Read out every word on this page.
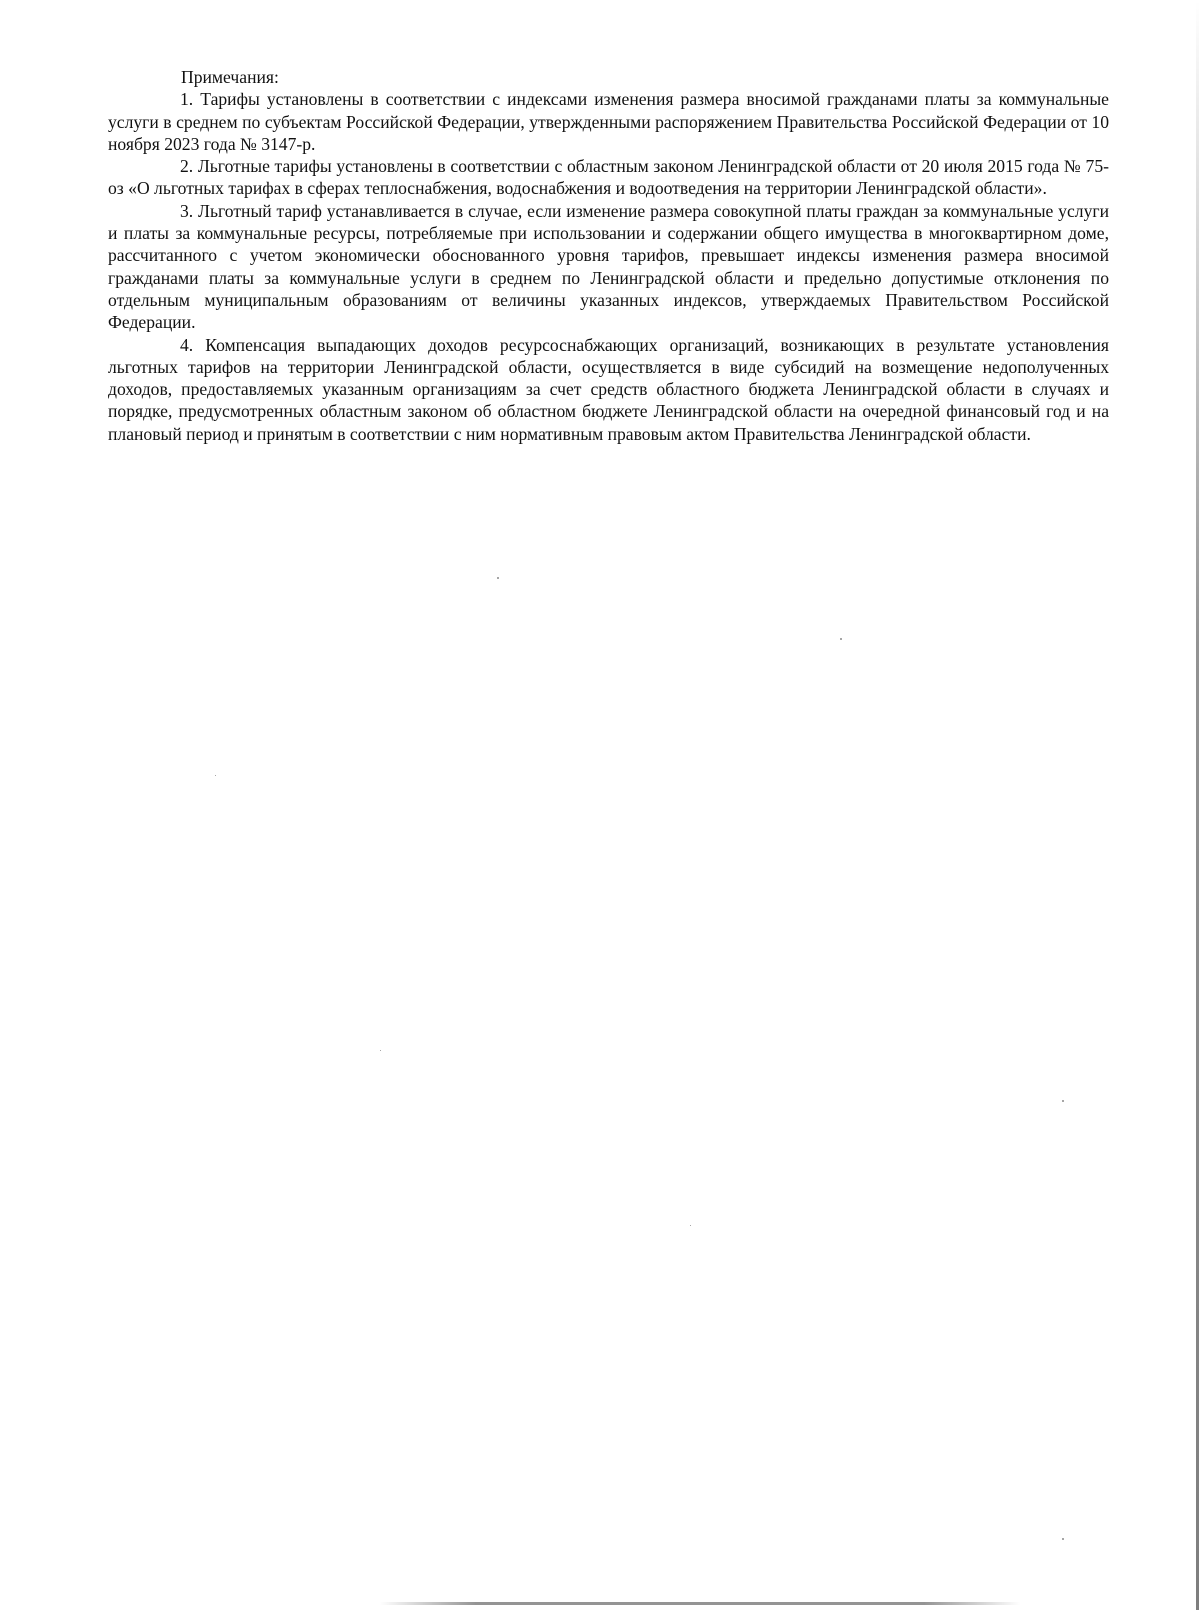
Примечания:

1. Тарифы установлены в соответствии с индексами изменения размера вносимой гражданами платы за коммунальные услуги в среднем по субъектам Российской Федерации, утвержденными распоряжением Правительства Российской Федерации от 10 ноября 2023 года № 3147-р.

2. Льготные тарифы установлены в соответствии с областным законом Ленинградской области от 20 июля 2015 года № 75-оз «О льготных тарифах в сферах теплоснабжения, водоснабжения и водоотведения на территории Ленинградской области».

3. Льготный тариф устанавливается в случае, если изменение размера совокупной платы граждан за коммунальные услуги и платы за коммунальные ресурсы, потребляемые при использовании и содержании общего имущества в многоквартирном доме, рассчитанного с учетом экономически обоснованного уровня тарифов, превышает индексы изменения размера вносимой гражданами платы за коммунальные услуги в среднем по Ленинградской области и предельно допустимые отклонения по отдельным муниципальным образованиям от величины указанных индексов, утверждаемых Правительством Российской Федерации.

4. Компенсация выпадающих доходов ресурсоснабжающих организаций, возникающих в результате установления льготных тарифов на территории Ленинградской области, осуществляется в виде субсидий на возмещение недополученных доходов, предоставляемых указанным организациям за счет средств областного бюджета Ленинградской области в случаях и порядке, предусмотренных областным законом об областном бюджете Ленинградской области на очередной финансовый год и на плановый период и принятым в соответствии с ним нормативным правовым актом Правительства Ленинградской области.
